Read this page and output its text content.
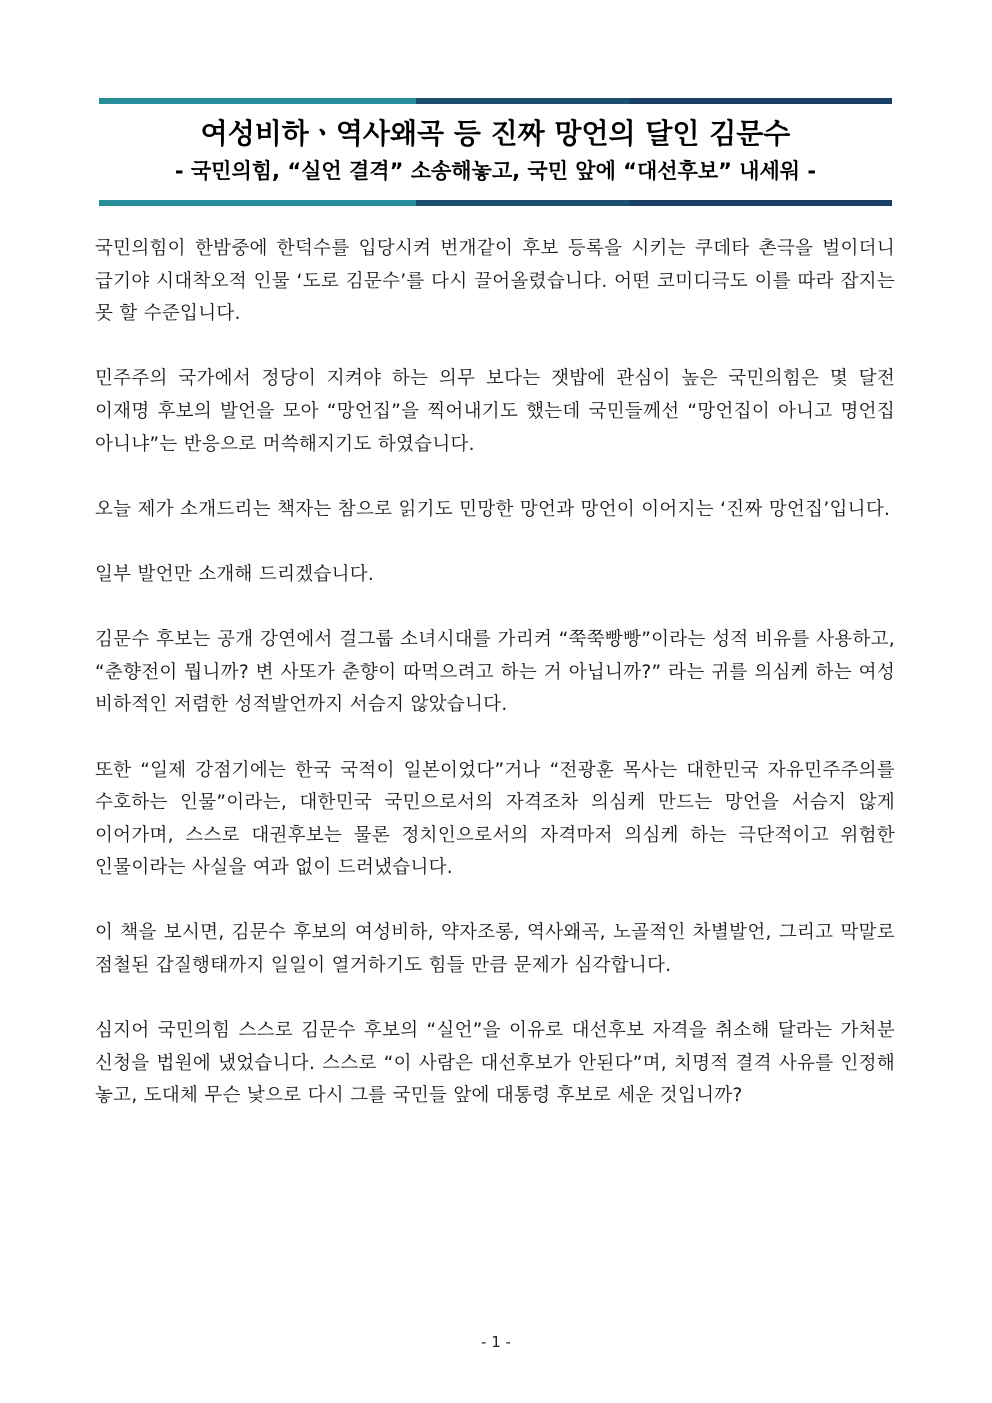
여성비하ㆍ역사왜곡 등 진짜 망언의 달인 김문수
- 국민의힘, “실언 결격” 소송해놓고, 국민 앞에 “대선후보” 내세워 -

국민의힘이 한밤중에 한덕수를 입당시켜 번개같이 후보 등록을 시키는 쿠데타 촌극을 벌이더니 급기야 시대착오적 인물 ‘도로 김문수’를 다시 끌어올렸습니다. 어떤 코미디극도 이를 따라 잡지는 못 할 수준입니다.

민주주의 국가에서 정당이 지켜야 하는 의무 보다는 잿밥에 관심이 높은 국민의힘은 몇 달전 이재명 후보의 발언을 모아 “망언집”을 찍어내기도 했는데 국민들께선 “망언집이 아니고 명언집 아니냐”는 반응으로 머쓱해지기도 하였습니다.

오늘 제가 소개드리는 책자는 참으로 읽기도 민망한 망언과 망언이 이어지는 ‘진짜 망언집’입니다.

일부 발언만 소개해 드리겠습니다.

김문수 후보는 공개 강연에서 걸그룹 소녀시대를 가리켜 “쭉쭉빵빵”이라는 성적 비유를 사용하고, “춘향전이 뭡니까? 변 사또가 춘향이 따먹으려고 하는 거 아닙니까?” 라는 귀를 의심케 하는 여성 비하적인 저렴한 성적발언까지 서슴지 않았습니다.

또한 “일제 강점기에는 한국 국적이 일본이었다”거나 “전광훈 목사는 대한민국 자유민주주의를 수호하는 인물”이라는, 대한민국 국민으로서의 자격조차 의심케 만드는 망언을 서슴지 않게 이어가며, 스스로 대권후보는 물론 정치인으로서의 자격마저 의심케 하는 극단적이고 위험한 인물이라는 사실을 여과 없이 드러냈습니다.

이 책을 보시면, 김문수 후보의 여성비하, 약자조롱, 역사왜곡, 노골적인 차별발언, 그리고 막말로 점철된 갑질행태까지 일일이 열거하기도 힘들 만큼 문제가 심각합니다.

심지어 국민의힘 스스로 김문수 후보의 “실언”을 이유로 대선후보 자격을 취소해 달라는 가처분 신청을 법원에 냈었습니다. 스스로 “이 사람은 대선후보가 안된다”며, 치명적 결격 사유를 인정해 놓고, 도대체 무슨 낯으로 다시 그를 국민들 앞에 대통령 후보로 세운 것입니까?

- 1 -
